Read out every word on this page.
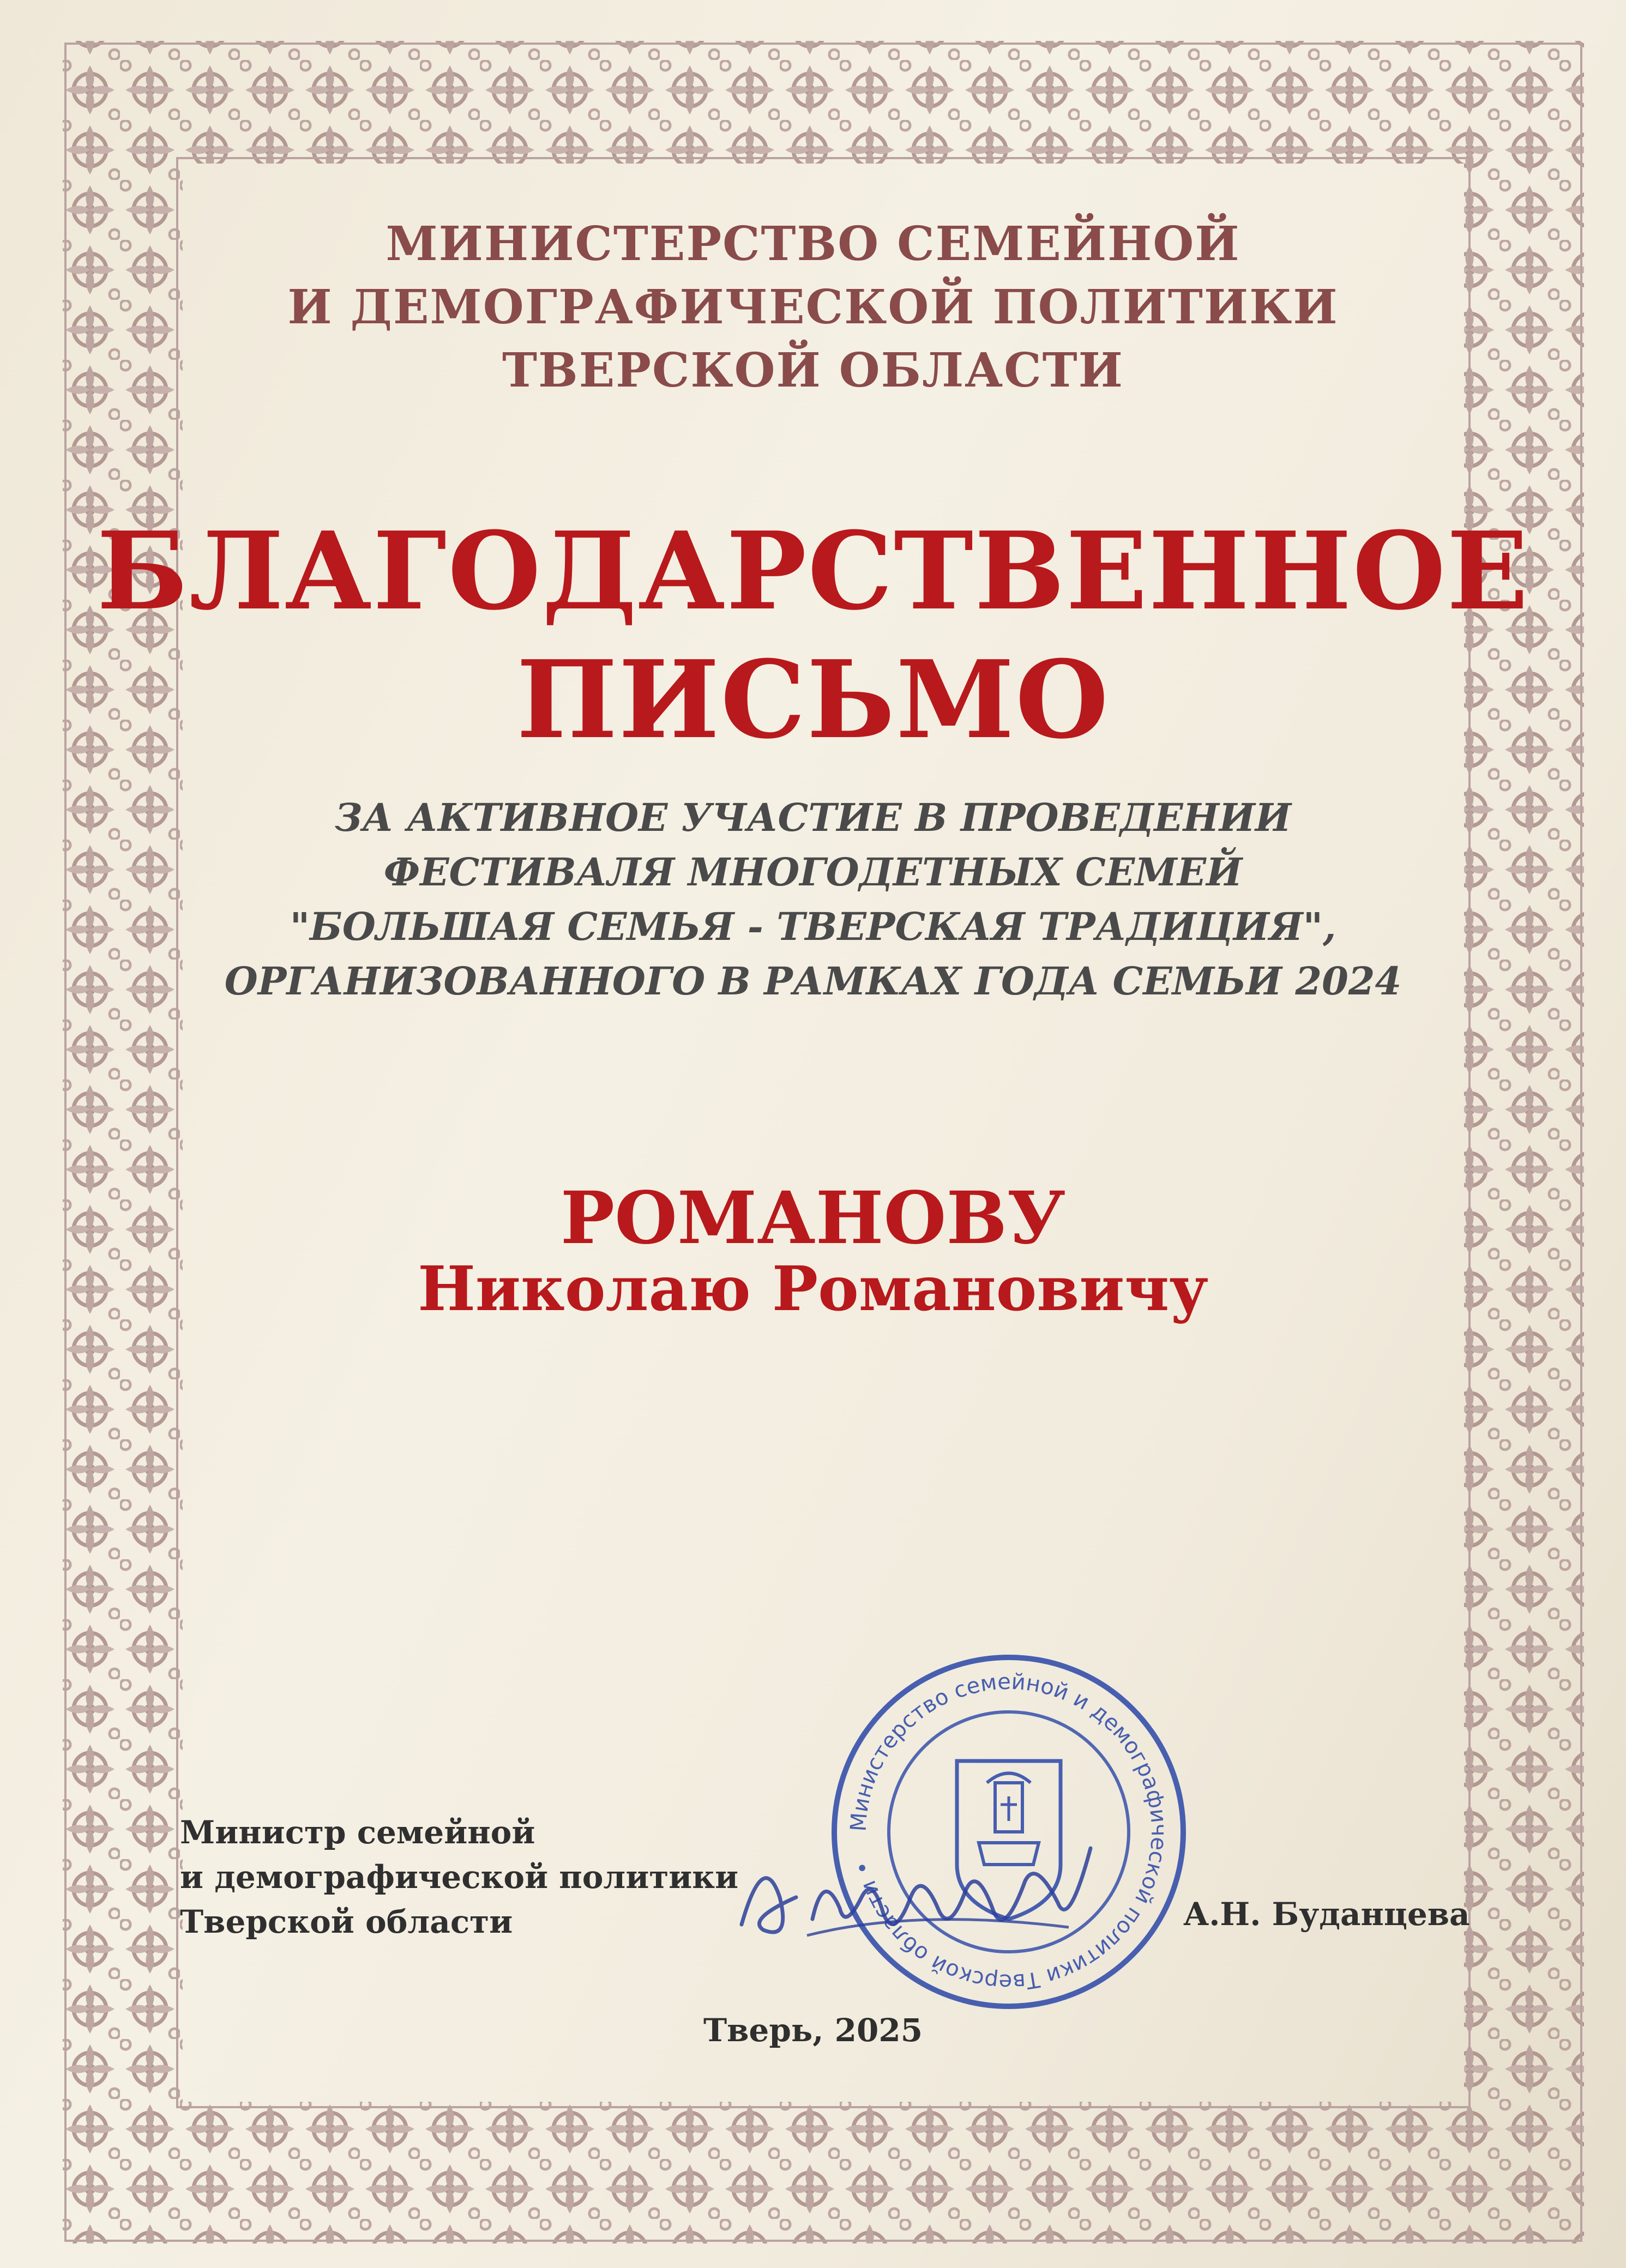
МИНИСТЕРСТВО СЕМЕЙНОЙ
И ДЕМОГРАФИЧЕСКОЙ ПОЛИТИКИ
ТВЕРСКОЙ ОБЛАСТИ
БЛАГОДАРСТВЕННОЕ
ПИСЬМО
ЗА АКТИВНОЕ УЧАСТИЕ В ПРОВЕДЕНИИ
ФЕСТИВАЛЯ МНОГОДЕТНЫХ СЕМЕЙ
"БОЛЬШАЯ СЕМЬЯ - ТВЕРСКАЯ ТРАДИЦИЯ",
ОРГАНИЗОВАННОГО В РАМКАХ ГОДА СЕМЬИ 2024
РОМАНОВУ
Николаю Романовичу
Министр семейной
и демографической политики
Тверской области
Министерство семейной и демографической политики Тверской области •
А.Н. Буданцева
Тверь, 2025
